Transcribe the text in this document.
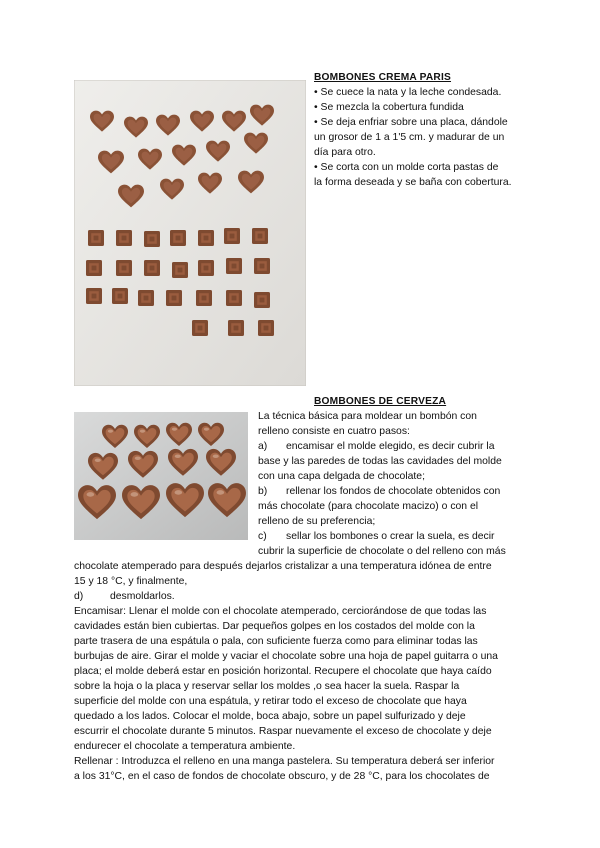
BOMBONES CREMA PARIS
• Se cuece la nata y la leche condesada.
• Se mezcla la cobertura fundida
• Se deja enfriar sobre una placa, dándole
un grosor de 1 a 1'5 cm. y madurar de un
día para otro.
• Se corta con un molde corta pastas de
la forma deseada y se baña con cobertura.
BOMBONES DE CERVEZA
La técnica básica para moldear un bombón con
relleno consiste en cuatro pasos:
a) encamisar el molde elegido, es decir cubrir la
base y las paredes de todas las cavidades del molde
con una capa delgada de chocolate;
b) rellenar los fondos de chocolate obtenidos con
más chocolate (para chocolate macizo) o con el
relleno de su preferencia;
c) sellar los bombones o crear la suela, es decir
cubrir la superficie de chocolate o del relleno con más
chocolate atemperado para después dejarlos cristalizar a una temperatura idónea de entre
15 y 18 °C, y finalmente,
d)	desmoldarlos.
Encamisar: Llenar el molde con el chocolate atemperado, cerciorándose de que todas las
cavidades están bien cubiertas. Dar pequeños golpes en los costados del molde con la
parte trasera de una espátula o pala, con suficiente fuerza como para eliminar todas las
burbujas de aire. Girar el molde y vaciar el chocolate sobre una hoja de papel guitarra o una
placa; el molde deberá estar en posición horizontal. Recupere el chocolate que haya caído
sobre la hoja o la placa y reservar sellar los moldes ,o sea hacer la suela. Raspar la
superficie del molde con una espátula, y retirar todo el exceso de chocolate que haya
quedado a los lados. Colocar el molde, boca abajo, sobre un papel sulfurizado y deje
escurrir el chocolate durante 5 minutos. Raspar nuevamente el exceso de chocolate y deje
endurecer el chocolate a temperatura ambiente.
Rellenar : Introduzca el relleno en una manga pastelera. Su temperatura deberá ser inferior
a los 31°C, en el caso de fondos de chocolate obscuro, y de 28 °C, para los chocolates de
